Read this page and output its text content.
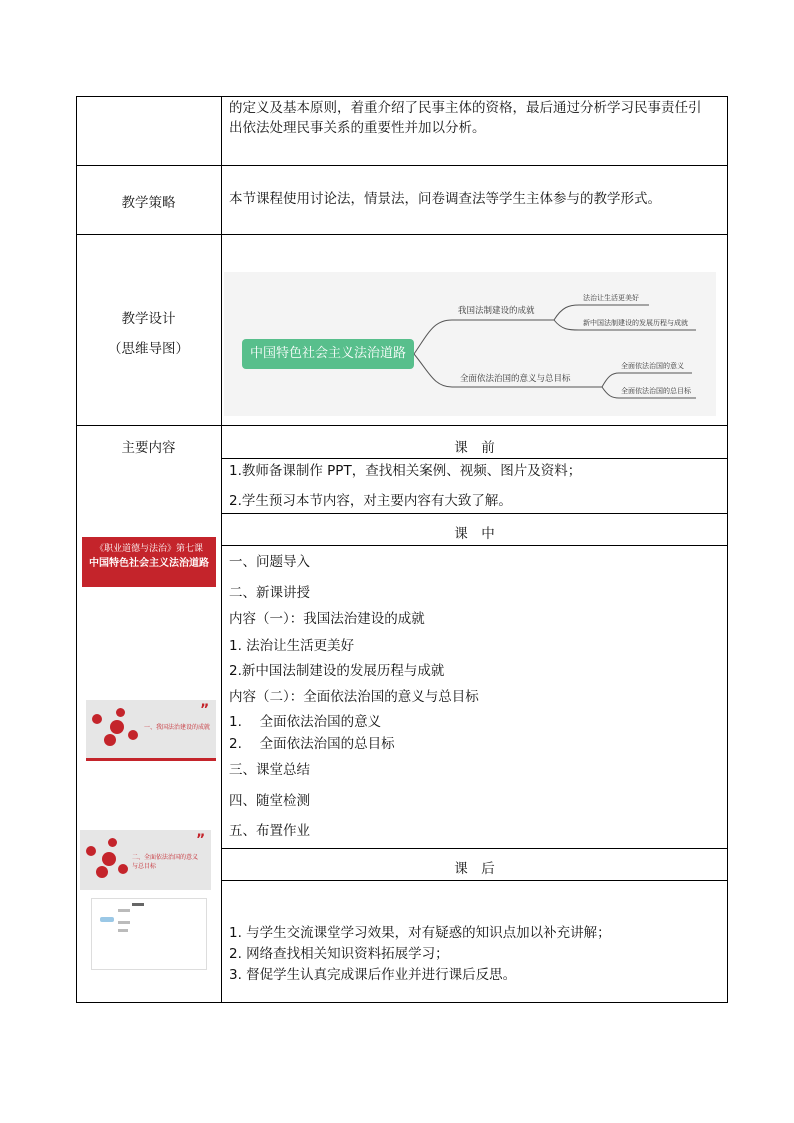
的定义及基本原则，着重介绍了民事主体的资格，最后通过分析学习民事责任引
出依法处理民事关系的重要性并加以分析。
教学策略	本节课程使用讨论法，情景法，问卷调查法等学生主体参与的教学形式。
教学设计
（思维导图）	中国特色社会主义法治道路
我国法制建设的成就
全面依法治国的意义与总目标
法治让生活更美好
新中国法制建设的发展历程与成就
全面依法治国的意义
全面依法治国的总目标
主要内容	课　前
1.教师备课制作 PPT，查找相关案例、视频、图片及资料；
2.学生预习本节内容，对主要内容有大致了解。
课　中
一、问题导入
二、新课讲授
内容（一）：我国法治建设的成就
1. 法治让生活更美好
2.新中国法制建设的发展历程与成就
内容（二）：全面依法治国的意义与总目标
1.　 全面依法治国的意义
2.　 全面依法治国的总目标
三、课堂总结
四、随堂检测
五、布置作业
课　后
1. 与学生交流课堂学习效果，对有疑惑的知识点加以补充讲解；
2. 网络查找相关知识资料拓展学习；
3. 督促学生认真完成课后作业并进行课后反思。
《职业道德与法治》第七课
中国特色社会主义法治道路
一、我国法治建设的成就
”
二、全面依法治国的意义
与总目标
”
